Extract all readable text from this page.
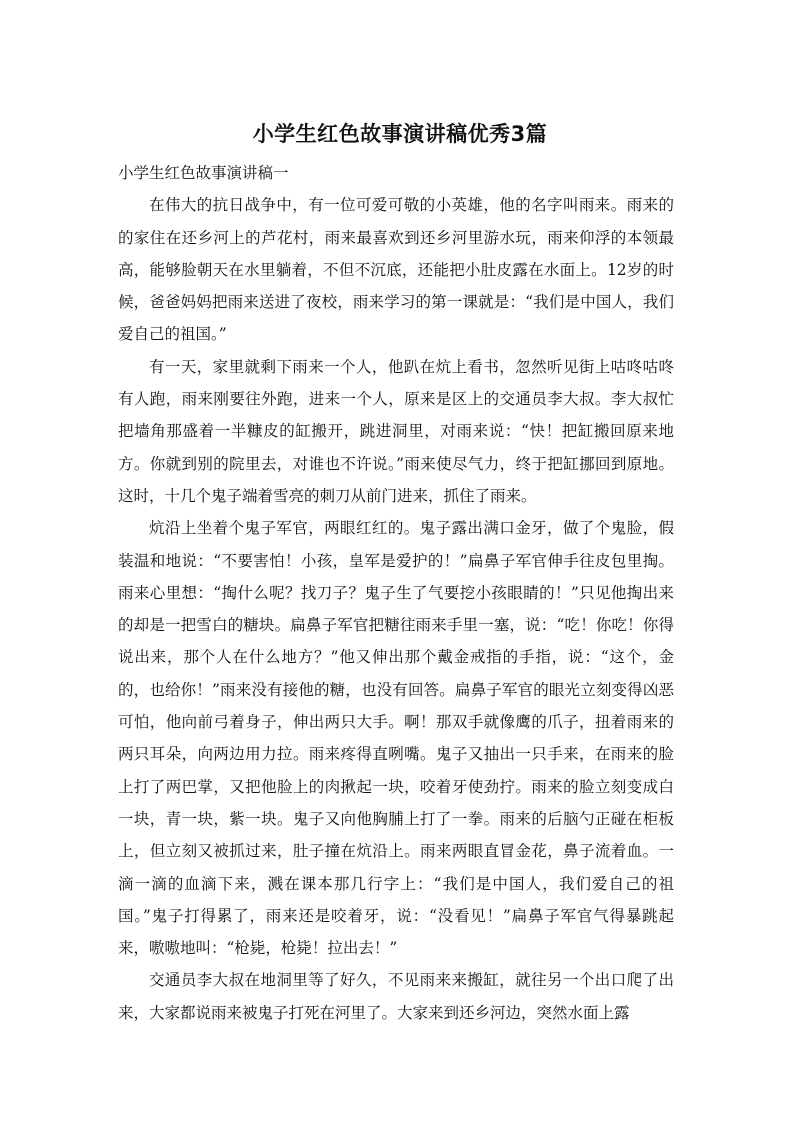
小学生红色故事演讲稿优秀3篇

小学生红色故事演讲稿一

在伟大的抗日战争中，有一位可爱可敬的小英雄，他的名字叫雨来。雨来的的家住在还乡河上的芦花村，雨来最喜欢到还乡河里游水玩，雨来仰浮的本领最高，能够脸朝天在水里躺着，不但不沉底，还能把小肚皮露在水面上。12岁的时候，爸爸妈妈把雨来送进了夜校，雨来学习的第一课就是：“我们是中国人，我们爱自己的祖国。”

有一天，家里就剩下雨来一个人，他趴在炕上看书，忽然听见街上咕咚咕咚有人跑，雨来刚要往外跑，进来一个人，原来是区上的交通员李大叔。李大叔忙把墙角那盛着一半糠皮的缸搬开，跳进洞里，对雨来说：“快！把缸搬回原来地方。你就到别的院里去，对谁也不许说。”雨来使尽气力，终于把缸挪回到原地。这时，十几个鬼子端着雪亮的刺刀从前门进来，抓住了雨来。

炕沿上坐着个鬼子军官，两眼红红的。鬼子露出满口金牙，做了个鬼脸，假装温和地说：“不要害怕！小孩，皇军是爱护的！”扁鼻子军官伸手往皮包里掏。雨来心里想：“掏什么呢？找刀子？鬼子生了气要挖小孩眼睛的！”只见他掏出来的却是一把雪白的糖块。扁鼻子军官把糖往雨来手里一塞，说：“吃！你吃！你得说出来，那个人在什么地方？”他又伸出那个戴金戒指的手指，说：“这个，金的，也给你！”雨来没有接他的糖，也没有回答。扁鼻子军官的眼光立刻变得凶恶可怕，他向前弓着身子，伸出两只大手。啊！那双手就像鹰的爪子，扭着雨来的两只耳朵，向两边用力拉。雨来疼得直咧嘴。鬼子又抽出一只手来，在雨来的脸上打了两巴掌，又把他脸上的肉揪起一块，咬着牙使劲拧。雨来的脸立刻变成白一块，青一块，紫一块。鬼子又向他胸脯上打了一拳。雨来的后脑勺正碰在柜板上，但立刻又被抓过来，肚子撞在炕沿上。雨来两眼直冒金花，鼻子流着血。一滴一滴的血滴下来，溅在课本那几行字上：“我们是中国人，我们爱自己的祖国。”鬼子打得累了，雨来还是咬着牙，说：“没看见！”扁鼻子军官气得暴跳起来，嗷嗷地叫：“枪毙，枪毙！拉出去！”

交通员李大叔在地洞里等了好久，不见雨来来搬缸，就往另一个出口爬了出来，大家都说雨来被鬼子打死在河里了。大家来到还乡河边，突然水面上露
